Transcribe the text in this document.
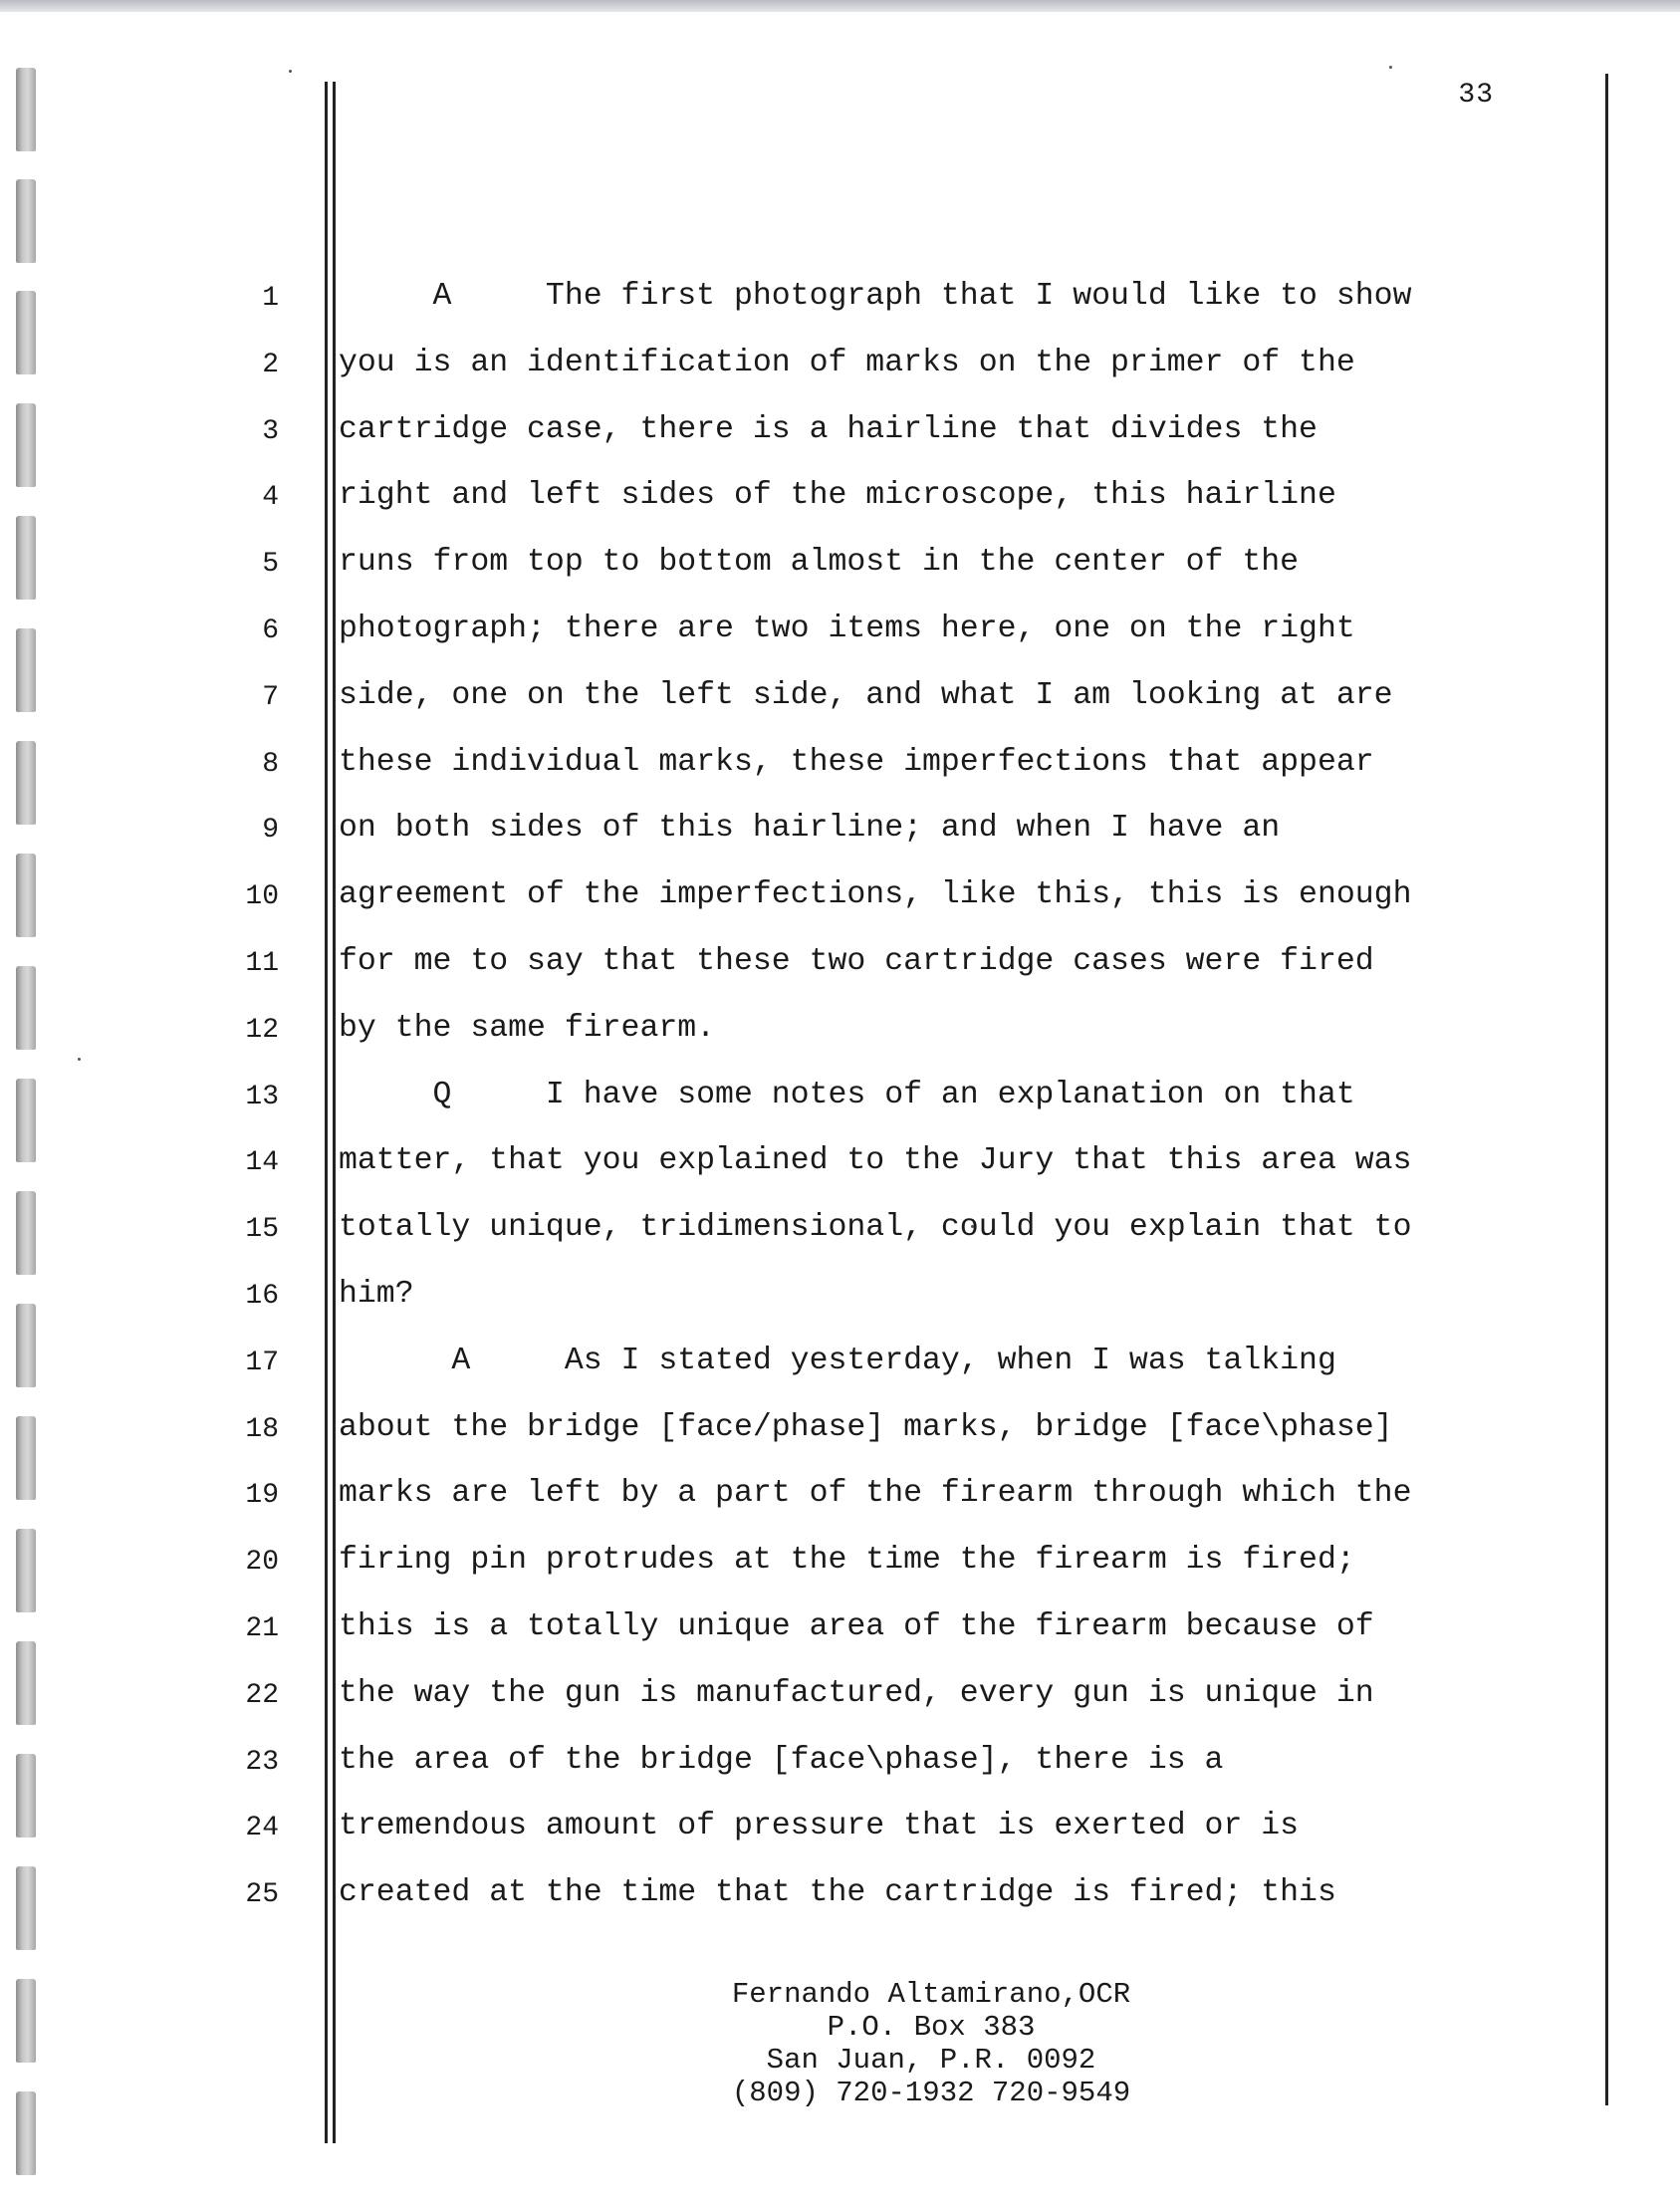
33
1 A     The first photograph that I would like to show
2 you is an identification of marks on the primer of the
3 cartridge case, there is a hairline that divides the
4 right and left sides of the microscope, this hairline
5 runs from top to bottom almost in the center of the
6 photograph; there are two items here, one on the right
7 side, one on the left side, and what I am looking at are
8 these individual marks, these imperfections that appear
9 on both sides of this hairline; and when I have an
10 agreement of the imperfections, like this, this is enough
11 for me to say that these two cartridge cases were fired
12 by the same firearm.
13 Q     I have some notes of an explanation on that
14 matter, that you explained to the Jury that this area was
15 totally unique, tridimensional, could you explain that to
16 him?
17 A     As I stated yesterday, when I was talking
18 about the bridge [face/phase] marks, bridge [face\phase]
19 marks are left by a part of the firearm through which the
20 firing pin protrudes at the time the firearm is fired;
21 this is a totally unique area of the firearm because of
22 the way the gun is manufactured, every gun is unique in
23 the area of the bridge [face\phase], there is a
24 tremendous amount of pressure that is exerted or is
25 created at the time that the cartridge is fired; this
Fernando Altamirano,OCR
P.O. Box 383
San Juan, P.R. 0092
(809) 720-1932 720-9549
